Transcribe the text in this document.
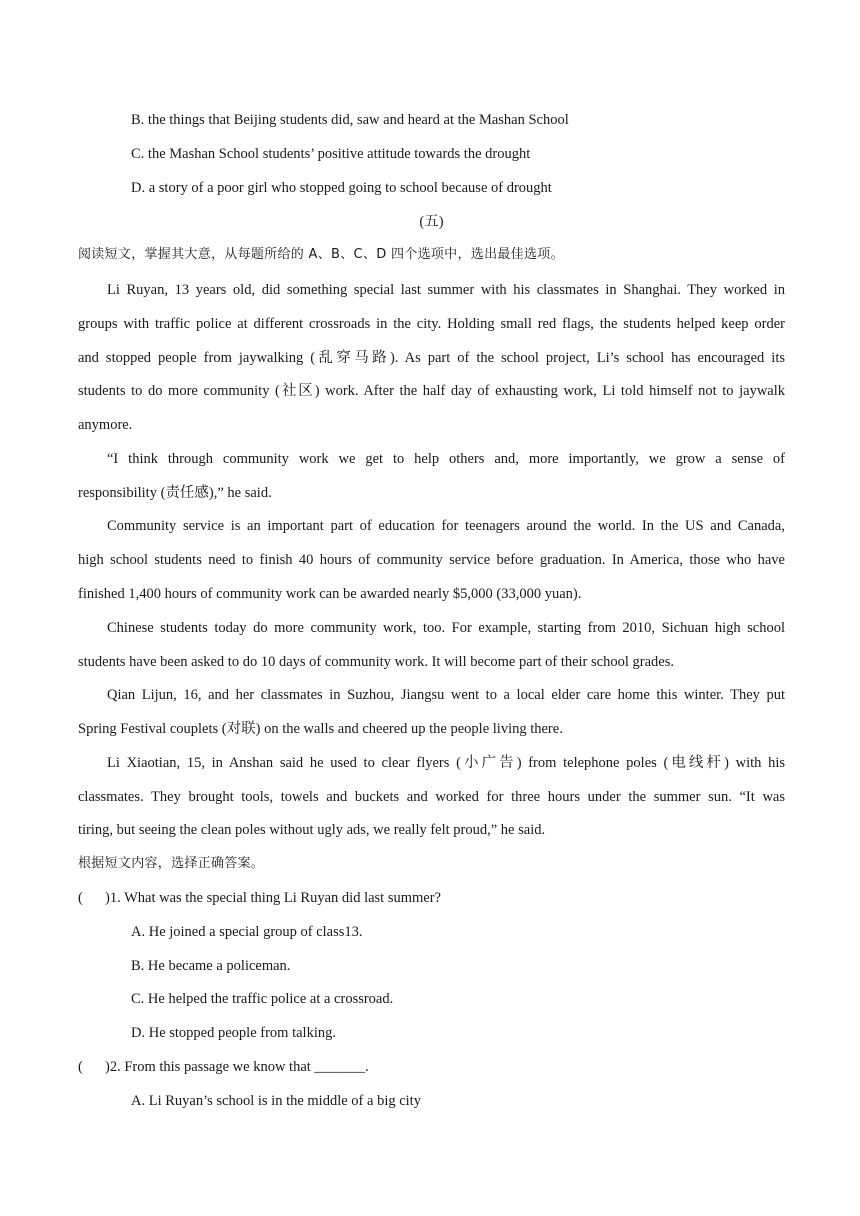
B. the things that Beijing students did, saw and heard at the Mashan School
C. the Mashan School students’ positive attitude towards the drought
D. a story of a poor girl who stopped going to school because of drought
(五)
阅读短文，掌握其大意，从每题所给的 A、B、C、D 四个选项中，选出最佳选项。
Li Ruyan, 13 years old, did something special last summer with his classmates in Shanghai. They worked in
groups with traffic police at different crossroads in the city. Holding small red flags, the students helped keep order
and stopped people from jaywalking (乱穿马路). As part of the school project, Li’s school has encouraged its
students to do more community (社区) work. After the half day of exhausting work, Li told himself not to jaywalk
anymore.
“I think through community work we get to help others and, more importantly, we grow a sense of
responsibility (责任感),” he said.
Community service is an important part of education for teenagers around the world. In the US and Canada,
high school students need to finish 40 hours of community service before graduation. In America, those who have
finished 1,400 hours of community work can be awarded nearly $5,000 (33,000 yuan).
Chinese students today do more community work, too. For example, starting from 2010, Sichuan high school
students have been asked to do 10 days of community work. It will become part of their school grades.
Qian Lijun, 16, and her classmates in Suzhou, Jiangsu went to a local elder care home this winter. They put
Spring Festival couplets (对联) on the walls and cheered up the people living there.
Li Xiaotian, 15, in Anshan said he used to clear flyers (小广告) from telephone poles (电线杆) with his
classmates. They brought tools, towels and buckets and worked for three hours under the summer sun. “It was
tiring, but seeing the clean poles without ugly ads, we really felt proud,” he said.
根据短文内容，选择正确答案。
( )1. What was the special thing Li Ruyan did last summer?
A. He joined a special group of class13.
B. He became a policeman.
C. He helped the traffic police at a crossroad.
D. He stopped people from talking.
( )2. From this passage we know that _______.
A. Li Ruyan’s school is in the middle of a big city
